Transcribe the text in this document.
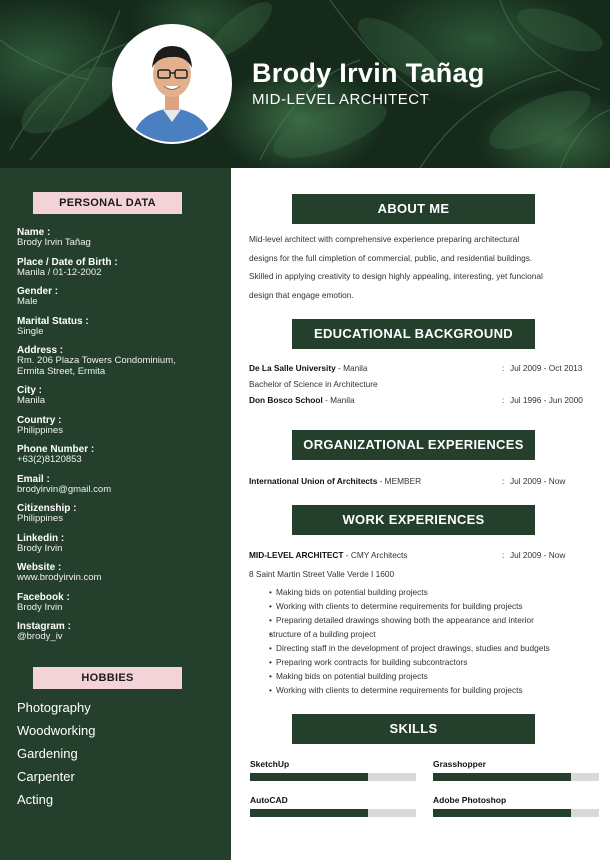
Brody Irvin Tañag
MID-LEVEL ARCHITECT
PERSONAL DATA
Name :
Brody Irvin Tañag
Place / Date of Birth :
Manila / 01-12-2002
Gender :
Male
Marital Status :
Single
Address :
Rm. 206 Plaza Towers Condominium,
Ermita Street, Ermita
City :
Manila
Country :
Philippines
Phone Number :
+63(2)8120853
Email :
brodyirvin@gmail.com
Citizenship :
Philippines
Linkedin :
Brody Irvin
Website :
www.brodyirvin.com
Facebook :
Brody Irvin
Instagram :
@brody_iv
HOBBIES
Photography
Woodworking
Gardening
Carpenter
Acting
ABOUT ME
Mid-level architect with comprehensive experience preparing architectural
designs for the full cimpletion of commercial, public, and residential buildings.
Skilled in applying creativity to design highly appealing, interesting, yet funcional
design that engage emotion.
EDUCATIONAL BACKGROUND
De La Salle University - Manila	: Jul 2009 - Oct 2013
Bachelor of Science in Architecture
Don Bosco School - Manila	: Jul 1996 - Jun 2000
ORGANIZATIONAL EXPERIENCES
International Union of Architects - MEMBER	: Jul 2009 - Now
WORK EXPERIENCES
MID-LEVEL ARCHITECT - CMY Architects	: Jul 2009 - Now
8 Saint Martin Street Valle Verde I 1600
• Making bids on potential building projects
• Working with clients to determine requirements for building projects
• Preparing detailed drawings showing both the appearance and interior
• structure of a building project
• Directing staff in the development of project drawings, studies and budgets
• Preparing work contracts for building subcontractors
• Making bids on potential building projects
• Working with clients to determine requirements for building projects
SKILLS
SketchUp	Grasshopper
AutoCAD	Adobe Photoshop
